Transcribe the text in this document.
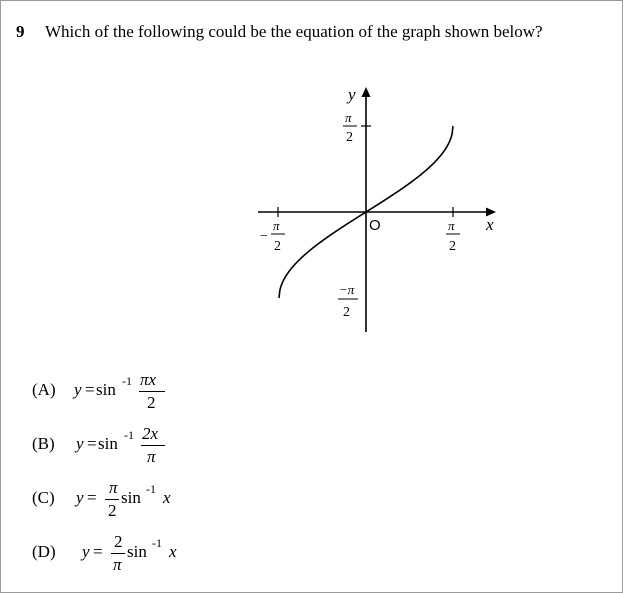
9 Which of the following could be the equation of the graph shown below?
y
x
O
π
2
−
π
2
π
2
−π
2
(A) y = sin -1 πx
2
(B) y = sin -1 2x
π
(C) y =
π
2
sin -1 x
(D) y =
2
π
sin -1 x
